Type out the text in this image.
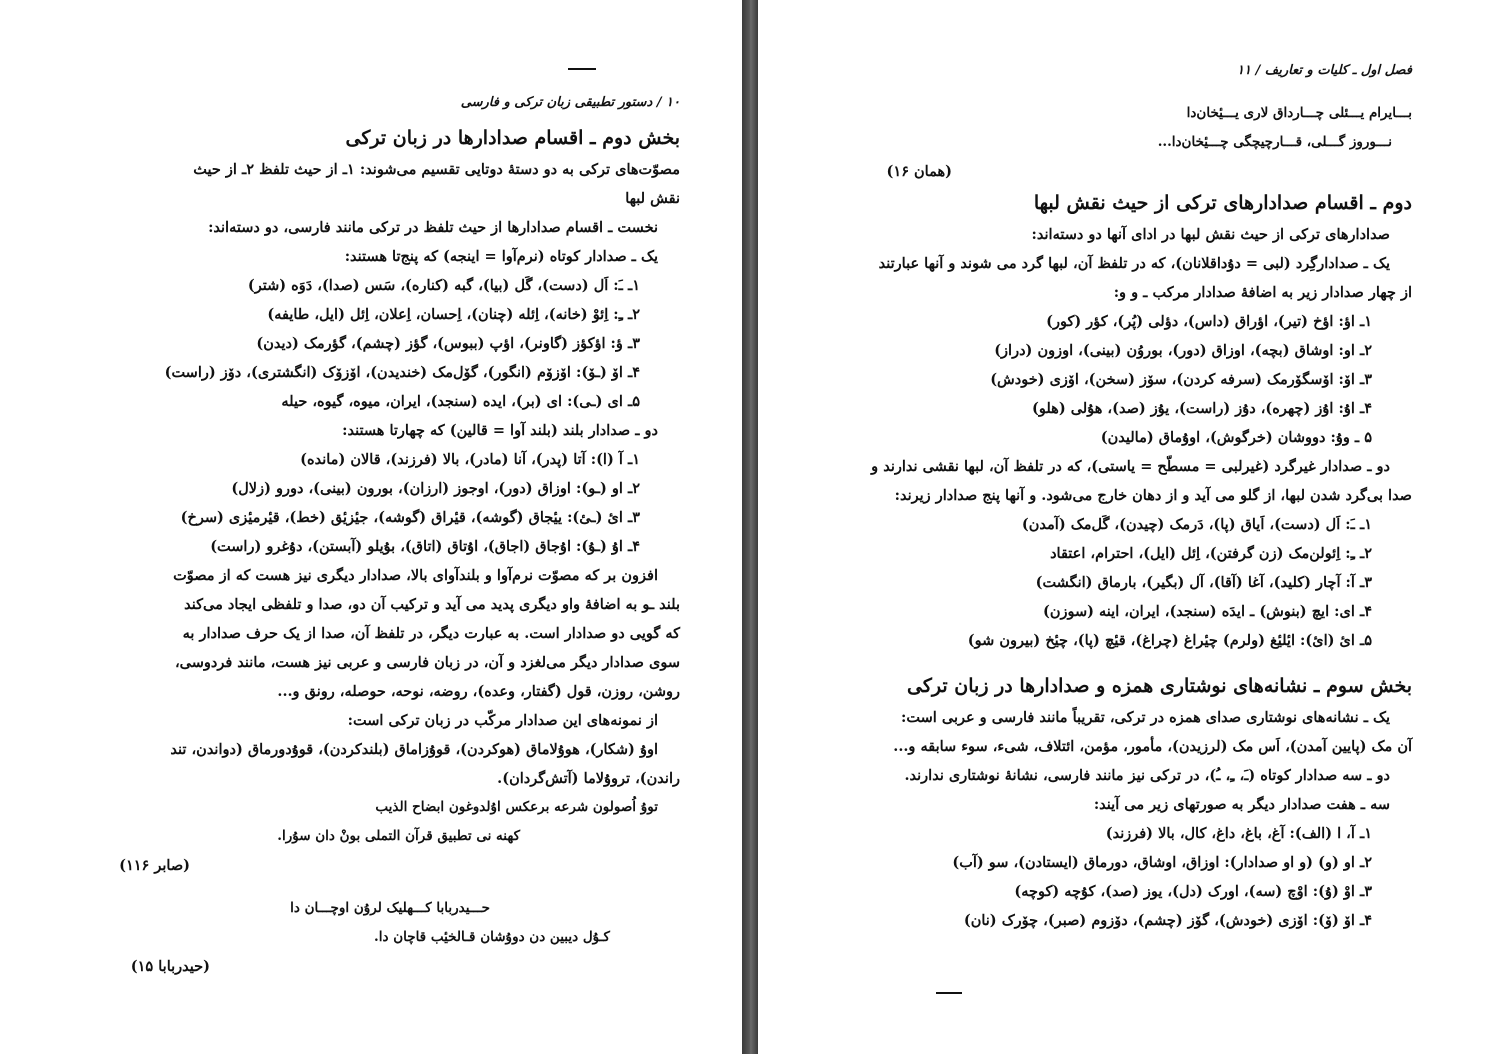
۱۰ / دستور تطبیقی زبان ترکی و فارسی
بخش دوم ـ اقسام صدادارها در زبان ترکی
مصوّت‌های ترکی به دو دستهٔ دوتایی تقسیم می‌شوند: ۱ـ از حیث تلفظ ۲ـ از حیث
نقش لبها
نخست ـ اقسام صدادارها از حیث تلفظ در ترکی مانند فارسی، دو دسته‌اند:
یک ـ صدادار کوتاه (نرم‌آوا = اینجه) که پنج‌تا هستند:
۱ـ ـَ: اَل (دست)، گَل (بیا)، گبه (کناره)، سَس (صدا)، دَوَه (شتر)
۲ـ ـِ: اِئوْ (خانه)، اِئله (چنان)، اِحسان، اِعلان، اِئل (ایل، طایفه)
۳ـ ؤ: اؤکؤز (گاونر)، اؤپ (ببوس)، گؤز (چشم)، گؤرمک (دیدن)
۴ـ اۆ (ـۆ): اۆزۆم (انگور)، گۆل‌مک (خندیدن)، اۆزۆک (انگشتری)، دۆز (راست)
۵ـ ای (ـی): ای (بر)، ایده (سنجد)، ایران، میوه، گیوه، حیله
دو ـ صدادار بلند (بلند آوا = قالین) که چهارتا هستند:
۱ـ آ (ا): آتا (پدر)، آنا (مادر)، بالا (فرزند)، قالان (مانده)
۲ـ او (ـو): اوزاق (دور)، اوجوز (ارزان)، بورون (بینی)، دورو (زلال)
۳ـ ایٔ (ـیٔ): ییٔجاق (گوشه)، قیٔراق (گوشه)، جیٔزیٔق (خط)، قیٔرمیٔزی (سرخ)
۴ـ اۇ (ـۇ): اۇجاق (اجاق)، اۇتاق (اتاق)، بۇیلو (آبستن)، دۇغرو (راست)
افزون بر که مصوّت نرم‌آوا و بلندآوای بالا، صدادار دیگری نیز هست که از مصوّت
بلند ـو به اضافهٔ واو دیگری پدید می آید و ترکیب آن دو، صدا و تلفظی ایجاد می‌کند
که گویی دو صدادار است. به عبارت دیگر، در تلفظ آن، صدا از یک حرف صدادار به
سوی صدادار دیگر می‌لغزد و آن، در زبان فارسی و عربی نیز هست، مانند فردوسی،
روشن، روزن، قول (گفتار، وعده)، روضه، نوحه، حوصله، رونق و...
از نمونه‌های این صدادار مرکّب در زبان ترکی است:
اوۇ (شکار)، هوۇلاماق (هوکردن)، قوۇزاماق (بلندکردن)، قوۇدورماق (دواندن، تند
راندن)، تروۇلاما (آتش‌گردان).
توۇ اُصولون شرعه برعکس اۇلدوغون ابضاح الذیب
کهنه نی تطبیق قرآن التملی بونْ دان سۇرا.
(صابر ۱۱۶)
حـــیدربابا کـــهلیک لرۇن اوچـــان دا
کـۇل دیبین دن دوۇشان قـالخیٔب قاچان دا.
(حیدربابا ۱۵)
فصل اول ـ کلیات و تعاریف / ۱۱
بـــایرام یـــئلی چـــارداق لاری یـــیٔخان‌دا
نـــوروز گـــلی، قـــارچیچگی چـــیٔخان‌دا...
(همان ۱۶)
دوم ـ اقسام صدادارهای ترکی از حیث نقش لبها
صدادارهای ترکی از حیث نقش لبها در ادای آنها دو دسته‌اند:
یک ـ صدادارگِرد (لبی = دۇداقلانان)، که در تلفظ آن، لبها گرد می شوند و آنها عبارتند
از چهار صدادار زیر به اضافهٔ صدادار مرکب ـ و و:
۱ـ اؤ: اؤخ (تیر)، اؤراق (داس)، دؤلی (پُر)، کؤر (کور)
۲ـ او: اوشاق (بچه)، اوزاق (دور)، بوروُن (بینی)، اوزون (دراز)
۳ـ اۆ: اۆسگۆرمک (سرفه کردن)، سۆز (سخن)، اۆزی (خودش)
۴ـ اۇ: اۇز (چهره)، دۇز (راست)، یۇز (صد)، هۇلی (هلو)
۵ ـ وۇ: دووشان (خرگوش)، اوۇماق (مالیدن)
دو ـ صدادار غیرگرد (غیرلبی = مسطّح = یاستی)، که در تلفظ آن، لبها نقشی ندارند و
صدا بی‌گرد شدن لبها، از گلو می آید و از دهان خارج می‌شود. و آنها پنج صدادار زیرند:
۱ـ ـَ: اَل (دست)، اَیاق (پا)، دَرمک (چیدن)، گَل‌مک (آمدن)
۲ـ ـِ: اِئولن‌مک (زن گرفتن)، اِئل (ایل)، احترام، اعتقاد
۳ـ آ: آچار (کلید)، آغا (آقا)، آل (بگیر)، بارماق (انگشت)
۴ـ ای: ایچ (بنوش) ـ ایدَه (سنجد)، ایران، اینه (سوزن)
۵ـ ایٔ (ایٔ): ایٔلیٔغ (ولرم) چیٔراغ (چراغ)، قیٔچ (پا)، چیٔخ (بیرون شو)
بخش سوم ـ نشانه‌های نوشتاری همزه و صدادارها در زبان ترکی
یک ـ نشانه‌های نوشتاری صدای همزه در ترکی، تقریباً مانند فارسی و عربی است:
آن مک (پایین آمدن)، اَس مک (لرزیدن)، مأمور، مؤمن، ائتلاف، شیء، سوء سابقه و...
دو ـ سه صدادار کوتاه (ـَ، ـِ، ـُ)، در ترکی نیز مانند فارسی، نشانهٔ نوشتاری ندارند.
سه ـ هفت صدادار دیگر به صورتهای زیر می آیند:
۱ـ آ، ا (الف): آغ، باغ، داغ، کال، بالا (فرزند)
۲ـ او (و) (و او صدادار): اوزاق، اوشاق، دورماق (ایستادن)، سو (آب)
۳ـ اوْ (ۇ): اوْچ (سه)، اورک (دل)، یوز (صد)، کۇچه (کوچه)
۴ـ اۆ (ۆ): اۆزی (خودش)، گۆز (چشم)، دۆزوم (صبر)، چۆرک (نان)
